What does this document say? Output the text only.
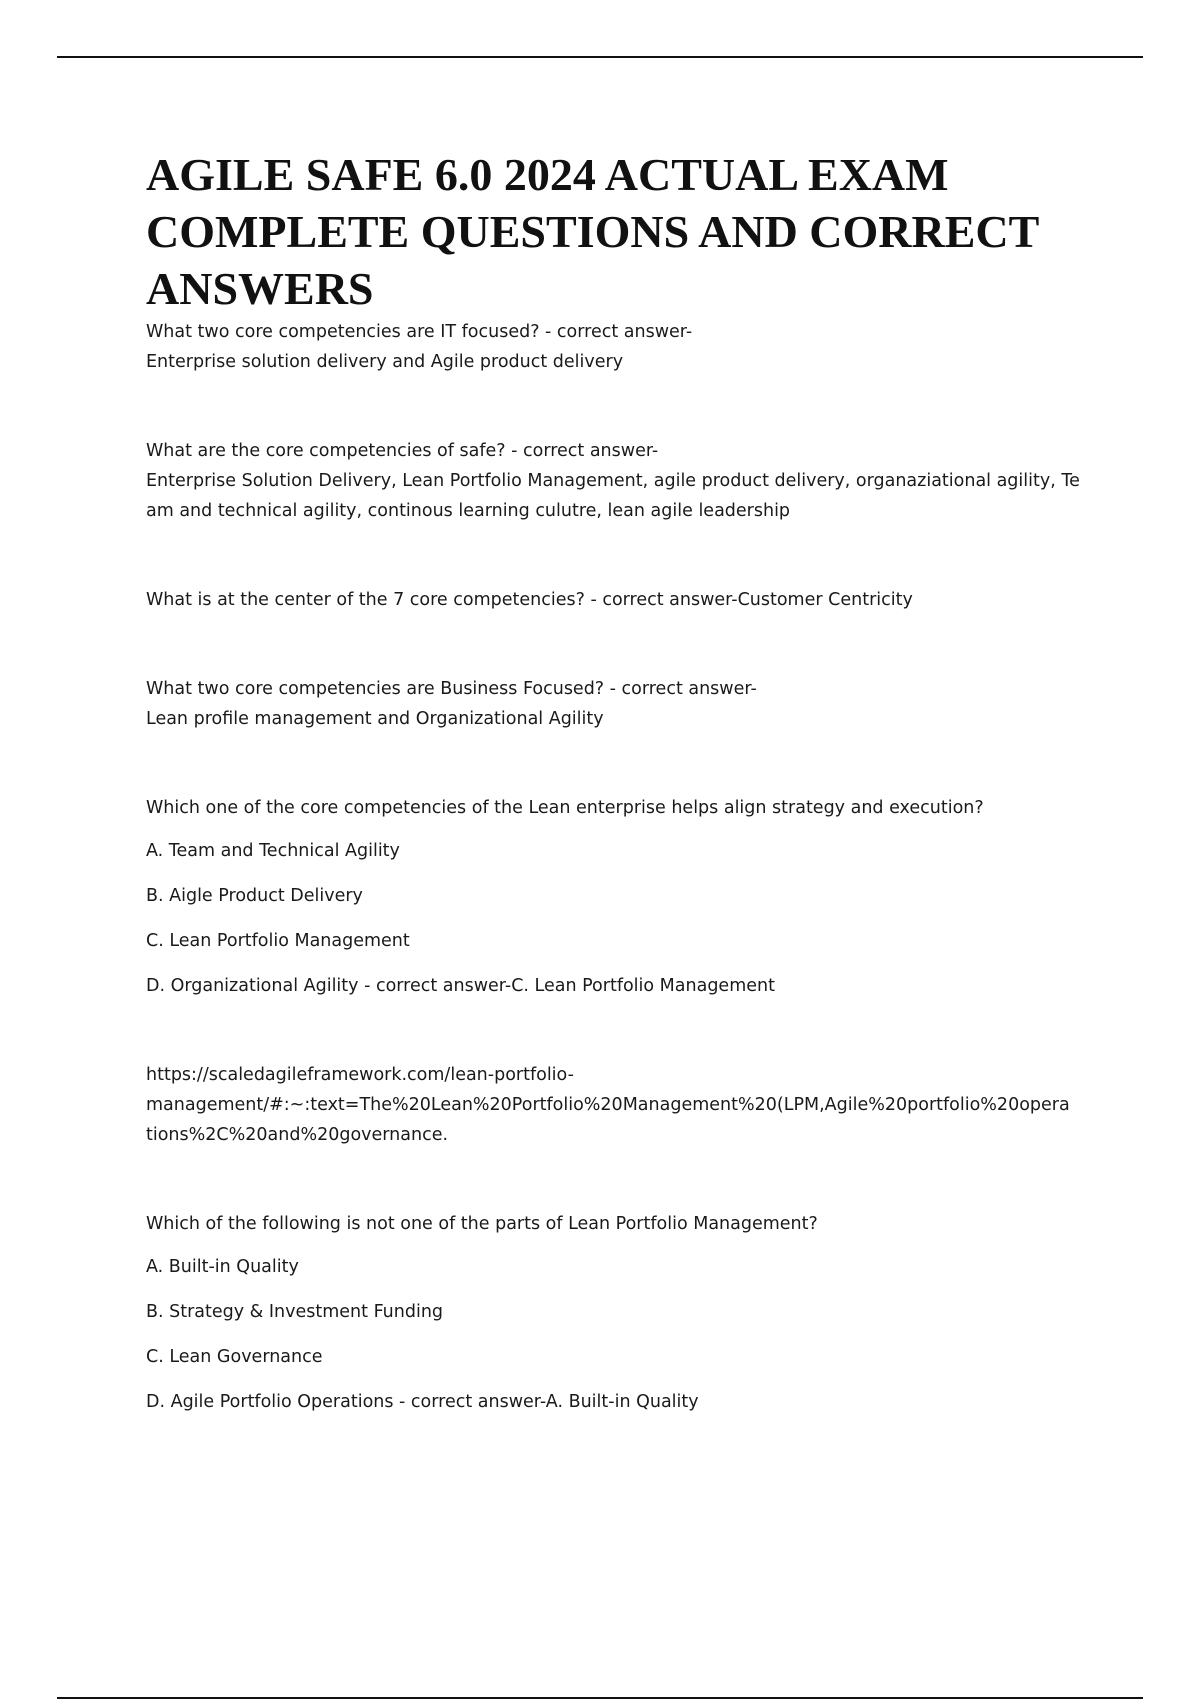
AGILE SAFE 6.0 2024 ACTUAL EXAM
COMPLETE QUESTIONS AND CORRECT
ANSWERS

What two core competencies are IT focused? - correct answer-

Enterprise solution delivery and Agile product delivery

What are the core competencies of safe? - correct answer-

Enterprise Solution Delivery, Lean Portfolio Management, agile product delivery, organaziational agility, Te

am and technical agility, continous learning culutre, lean agile leadership

What is at the center of the 7 core competencies? - correct answer-Customer Centricity

What two core competencies are Business Focused? - correct answer-

Lean profile management and Organizational Agility

Which one of the core competencies of the Lean enterprise helps align strategy and execution?

A. Team and Technical Agility

B. Aigle Product Delivery

C. Lean Portfolio Management

D. Organizational Agility - correct answer-C. Lean Portfolio Management

https://scaledagileframework.com/lean-portfolio-

management/#:~:text=The%20Lean%20Portfolio%20Management%20(LPM,Agile%20portfolio%20opera

tions%2C%20and%20governance.

Which of the following is not one of the parts of Lean Portfolio Management?

A. Built-in Quality

B. Strategy & Investment Funding

C. Lean Governance

D. Agile Portfolio Operations - correct answer-A. Built-in Quality
